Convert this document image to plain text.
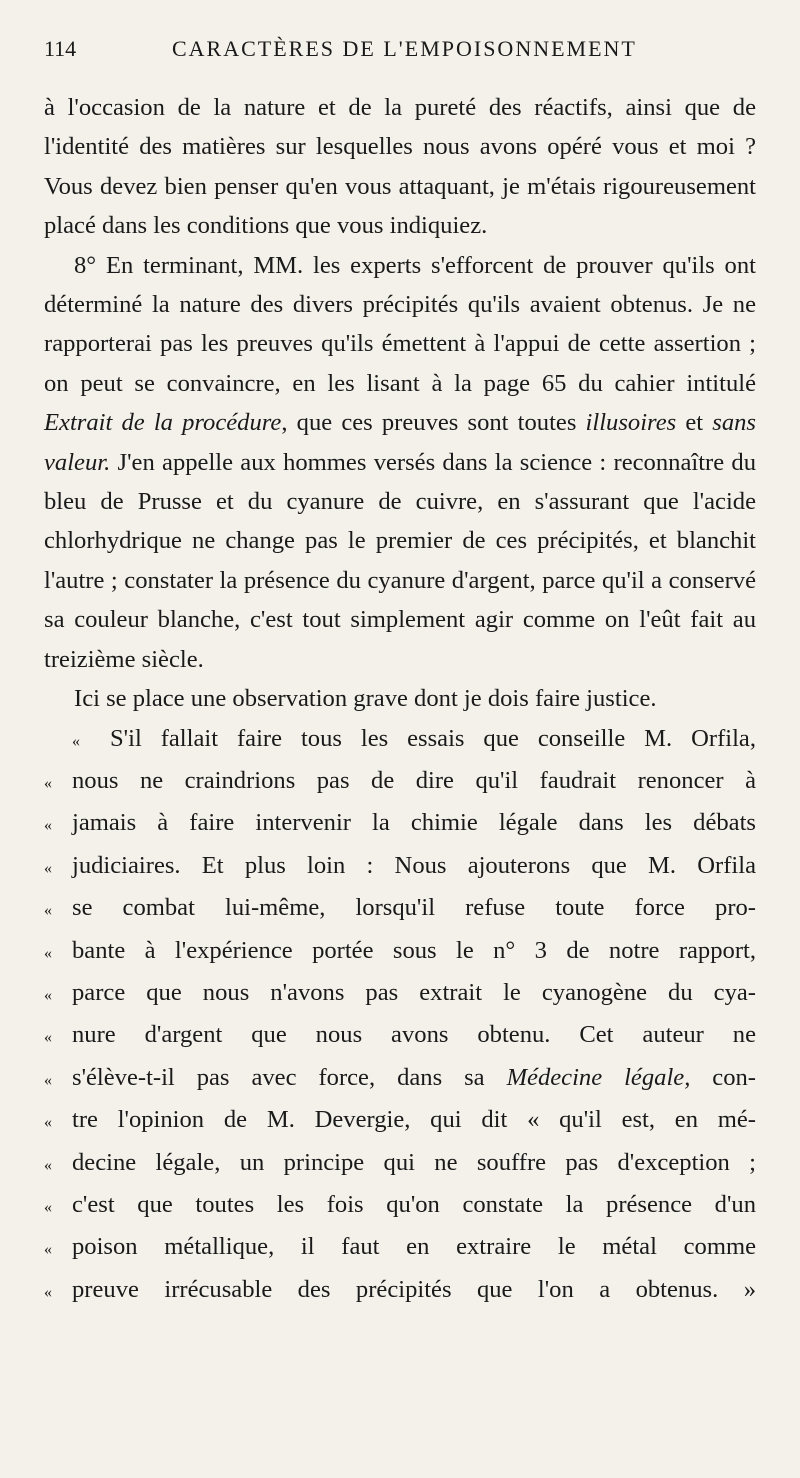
114	CARACTÈRES DE L'EMPOISONNEMENT

à l'occasion de la nature et de la pureté des réactifs, ainsi que de l'identité des matières sur lesquelles nous avons opéré vous et moi ? Vous devez bien penser qu'en vous attaquant, je m'étais rigoureusement placé dans les conditions que vous indiquiez.

8° En terminant, MM. les experts s'efforcent de prouver qu'ils ont déterminé la nature des divers précipités qu'ils avaient obtenus. Je ne rapporterai pas les preuves qu'ils émettent à l'appui de cette assertion ; on peut se convaincre, en les lisant à la page 65 du cahier intitulé Extrait de la procédure, que ces preuves sont toutes illusoires et sans valeur. J'en appelle aux hommes versés dans la science : reconnaître du bleu de Prusse et du cyanure de cuivre, en s'assurant que l'acide chlorhydrique ne change pas le premier de ces précipités, et blanchit l'autre ; constater la présence du cyanure d'argent, parce qu'il a conservé sa couleur blanche, c'est tout simplement agir comme on l'eût fait au treizième siècle.

Ici se place une observation grave dont je dois faire justice.

«	S'il fallait faire tous les essais que conseille M. Orfila,
« nous ne craindrions pas de dire qu'il faudrait renoncer à
« jamais à faire intervenir la chimie légale dans les débats
« judiciaires. Et plus loin : Nous ajouterons que M. Orfila
« se combat lui-même, lorsqu'il refuse toute force pro-
« bante à l'expérience portée sous le n° 3 de notre rapport,
« parce que nous n'avons pas extrait le cyanogène du cya-
« nure d'argent que nous avons obtenu. Cet auteur ne
« s'élève-t-il pas avec force, dans sa Médecine légale, con-
« tre l'opinion de M. Devergie, qui dit « qu'il est, en mé-
« decine légale, un principe qui ne souffre pas d'exception ;
« c'est que toutes les fois qu'on constate la présence d'un
« poison métallique, il faut en extraire le métal comme
« preuve irrécusable des précipités que l'on a obtenus. »
